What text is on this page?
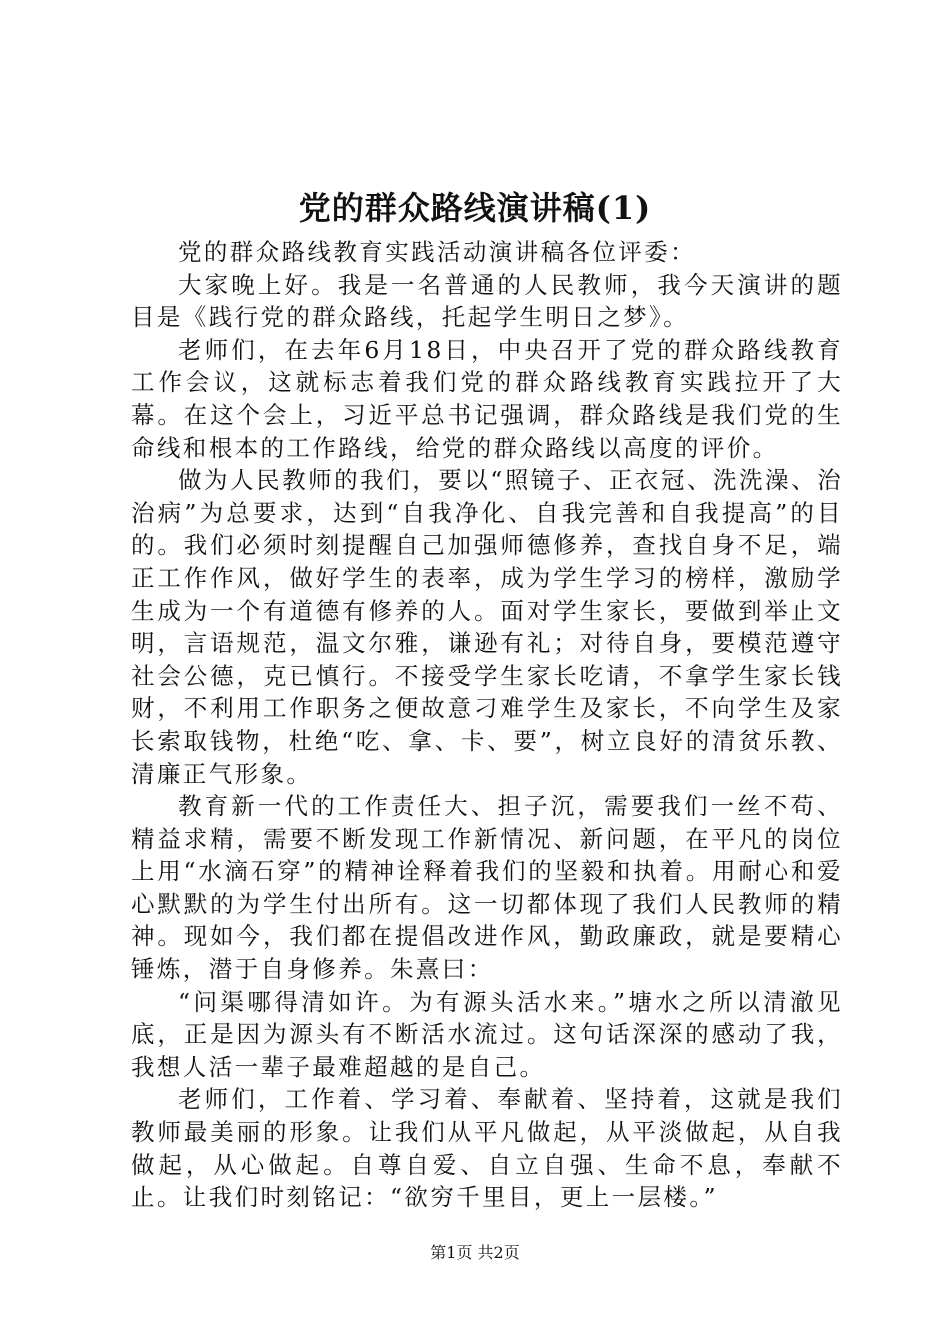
党的群众路线演讲稿(1)

党的群众路线教育实践活动演讲稿各位评委：

大家晚上好。我是一名普通的人民教师，我今天演讲的题目是《践行党的群众路线，托起学生明日之梦》。

老师们，在去年6月18日，中央召开了党的群众路线教育工作会议，这就标志着我们党的群众路线教育实践拉开了大幕。在这个会上，习近平总书记强调，群众路线是我们党的生命线和根本的工作路线，给党的群众路线以高度的评价。

做为人民教师的我们，要以“照镜子、正衣冠、洗洗澡、治治病”为总要求，达到“自我净化、自我完善和自我提高”的目的。我们必须时刻提醒自己加强师德修养，查找自身不足，端正工作作风，做好学生的表率，成为学生学习的榜样，激励学生成为一个有道德有修养的人。面对学生家长，要做到举止文明，言语规范，温文尔雅，谦逊有礼；对待自身，要模范遵守社会公德，克已慎行。不接受学生家长吃请，不拿学生家长钱财，不利用工作职务之便故意刁难学生及家长，不向学生及家长索取钱物，杜绝“吃、拿、卡、要”，树立良好的清贫乐教、清廉正气形象。

教育新一代的工作责任大、担子沉，需要我们一丝不苟、精益求精，需要不断发现工作新情况、新问题，在平凡的岗位上用“水滴石穿”的精神诠释着我们的坚毅和执着。用耐心和爱心默默的为学生付出所有。这一切都体现了我们人民教师的精神。现如今，我们都在提倡改进作风，勤政廉政，就是要精心锤炼，潜于自身修养。朱熹曰：

“问渠哪得清如许。为有源头活水来。”塘水之所以清澈见底，正是因为源头有不断活水流过。这句话深深的感动了我，我想人活一辈子最难超越的是自己。

老师们，工作着、学习着、奉献着、坚持着，这就是我们教师最美丽的形象。让我们从平凡做起，从平淡做起，从自我做起，从心做起。自尊自爱、自立自强、生命不息，奉献不止。让我们时刻铭记：“欲穷千里目，更上一层楼。”

第1页 共2页
